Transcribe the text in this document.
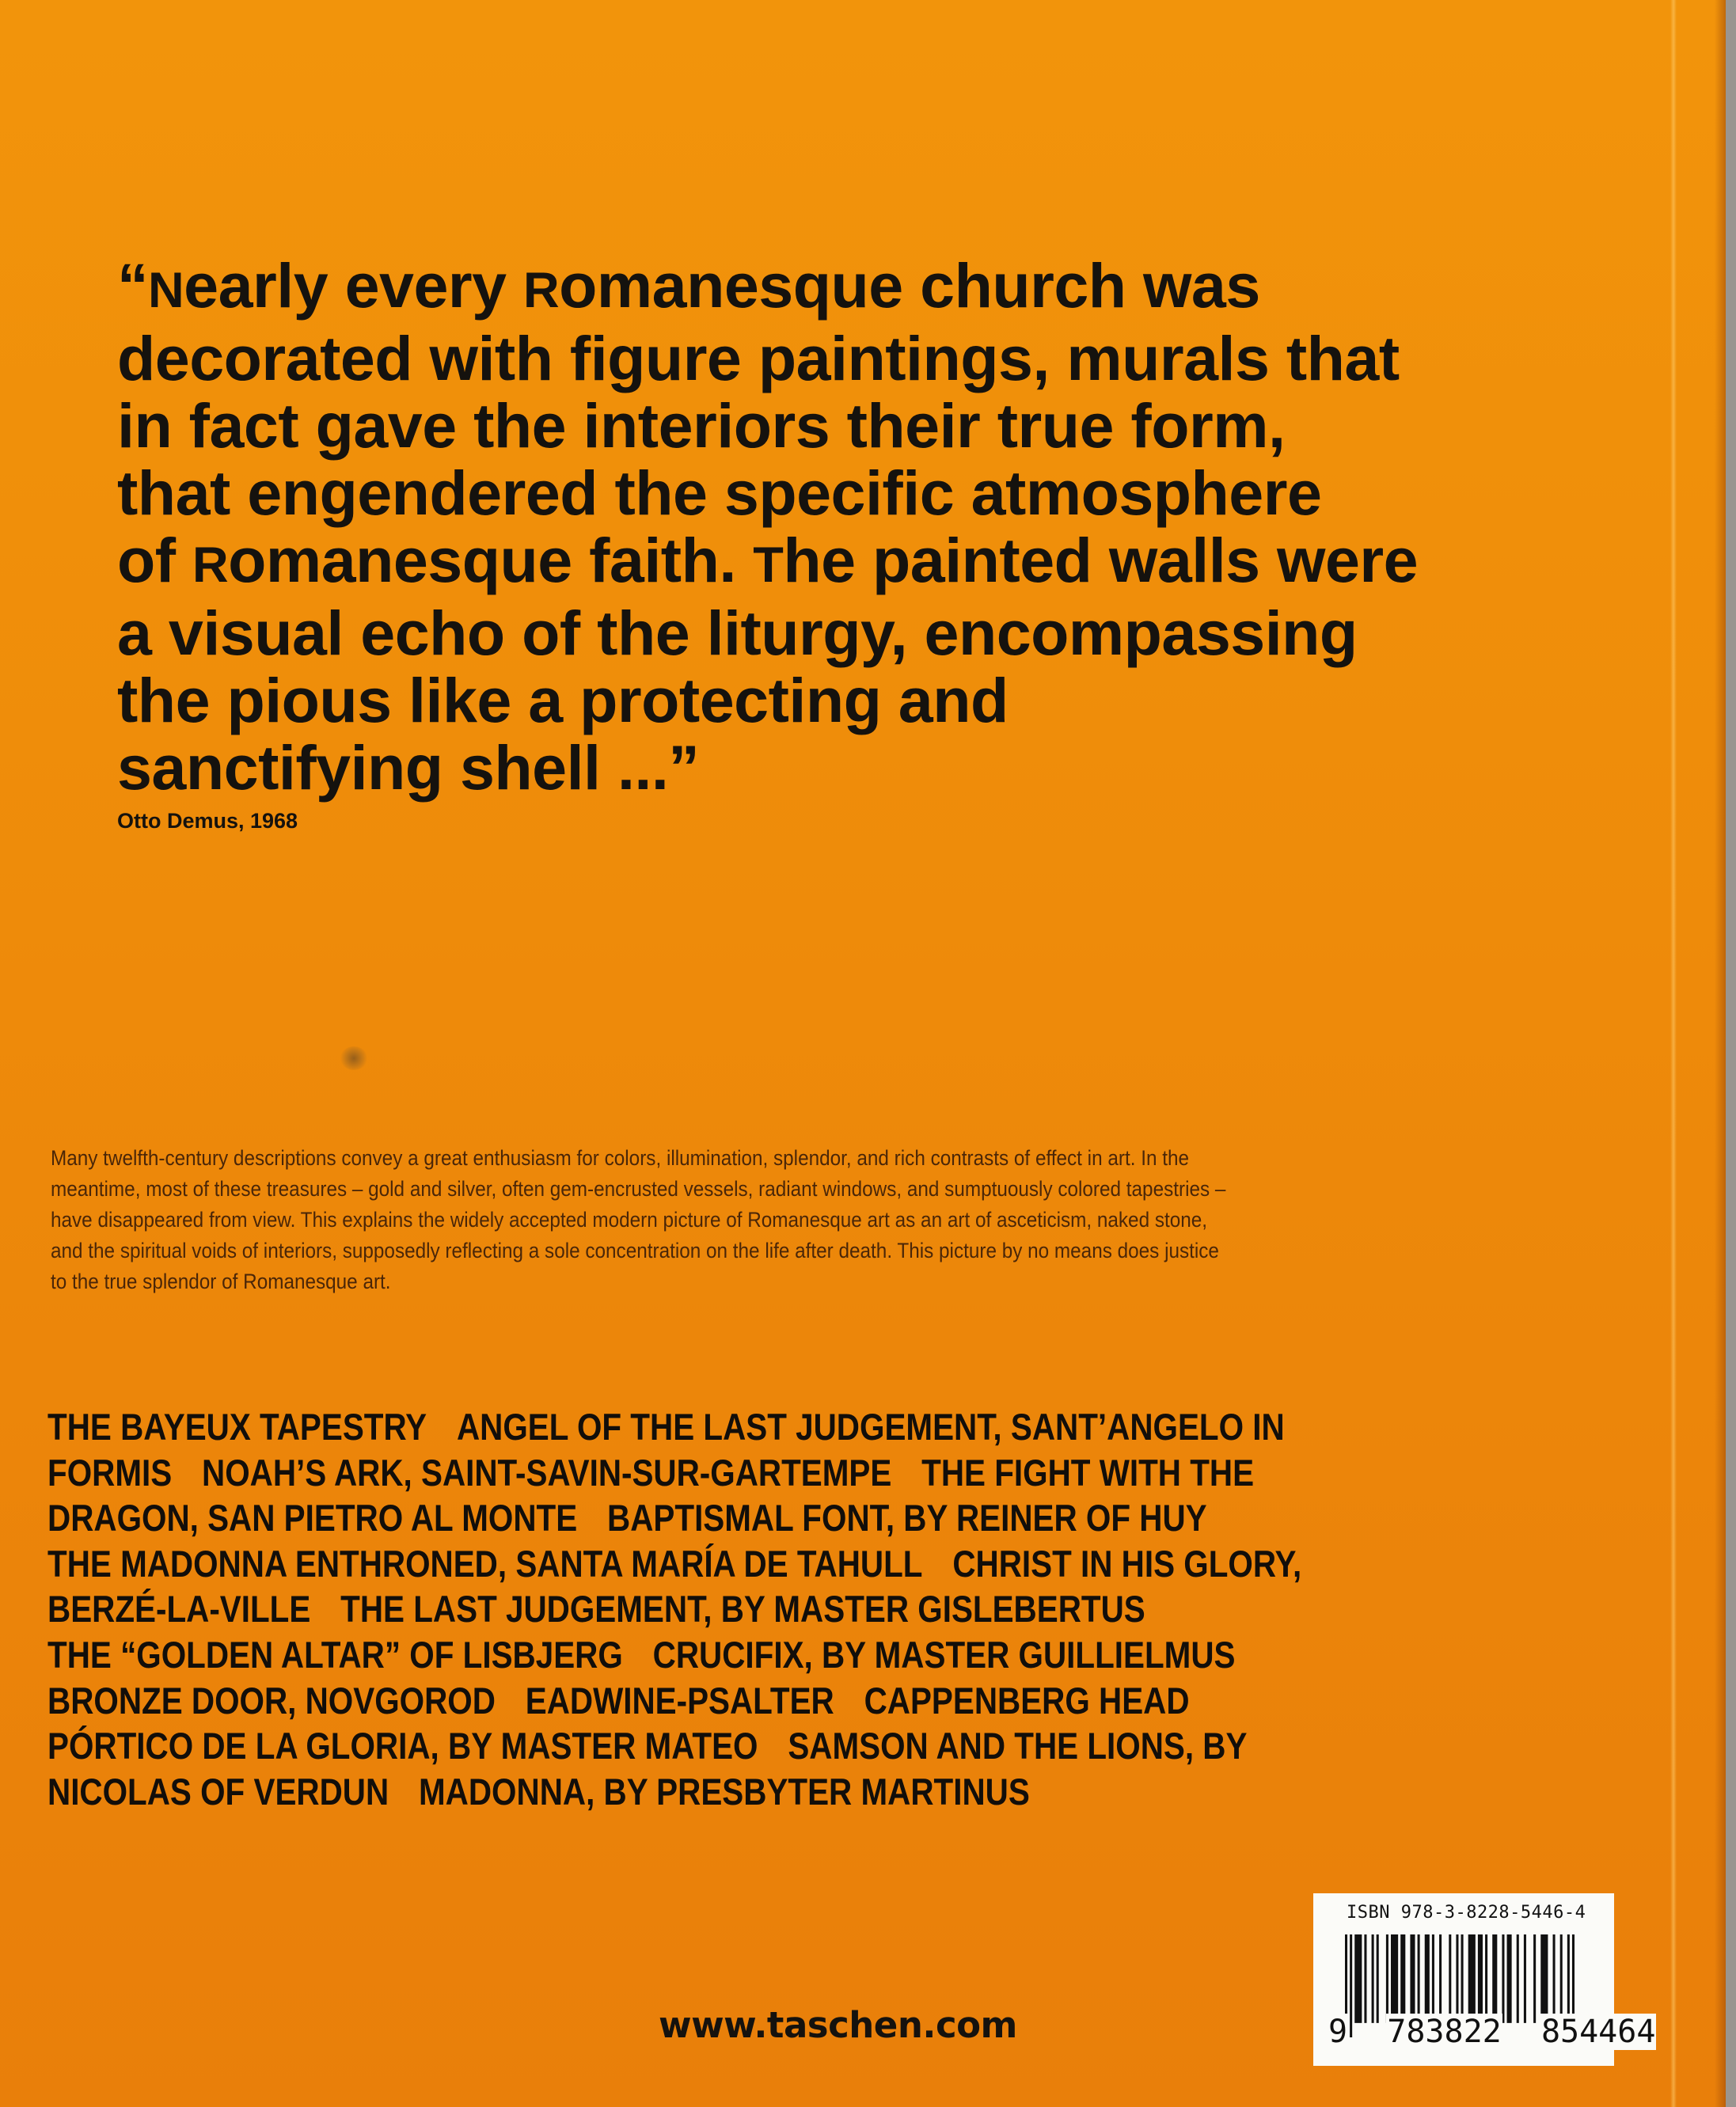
“Nearly every Romanesque church was
decorated with figure paintings, murals that
in fact gave the interiors their true form,
that engendered the specific atmosphere
of Romanesque faith. The painted walls were
a visual echo of the liturgy, encompassing
the pious like a protecting and
sanctifying shell ...”
Otto Demus, 1968
Many twelfth-century descriptions convey a great enthusiasm for colors, illumination, splendor, and rich contrasts of effect in art. In the
meantime, most of these treasures – gold and silver, often gem-encrusted vessels, radiant windows, and sumptuously colored tapestries –
have disappeared from view. This explains the widely accepted modern picture of Romanesque art as an art of asceticism, naked stone,
and the spiritual voids of interiors, supposedly reflecting a sole concentration on the life after death. This picture by no means does justice
to the true splendor of Romanesque art.
THE BAYEUX TAPESTRY ANGEL OF THE LAST JUDGEMENT, SANT’ANGELO IN
FORMIS NOAH’S ARK, SAINT-SAVIN-SUR-GARTEMPE THE FIGHT WITH THE
DRAGON, SAN PIETRO AL MONTE BAPTISMAL FONT, BY REINER OF HUY
THE MADONNA ENTHRONED, SANTA MARÍA DE TAHULL CHRIST IN HIS GLORY,
BERZÉ-LA-VILLE THE LAST JUDGEMENT, BY MASTER GISLEBERTUS
THE “GOLDEN ALTAR” OF LISBJERG CRUCIFIX, BY MASTER GUILLIELMUS
BRONZE DOOR, NOVGOROD EADWINE-PSALTER CAPPENBERG HEAD
PÓRTICO DE LA GLORIA, BY MASTER MATEO SAMSON AND THE LIONS, BY
NICOLAS OF VERDUN MADONNA, BY PRESBYTER MARTINUS
www.taschen.com
ISBN 978-3-8228-5446-4
9 783822 854464
